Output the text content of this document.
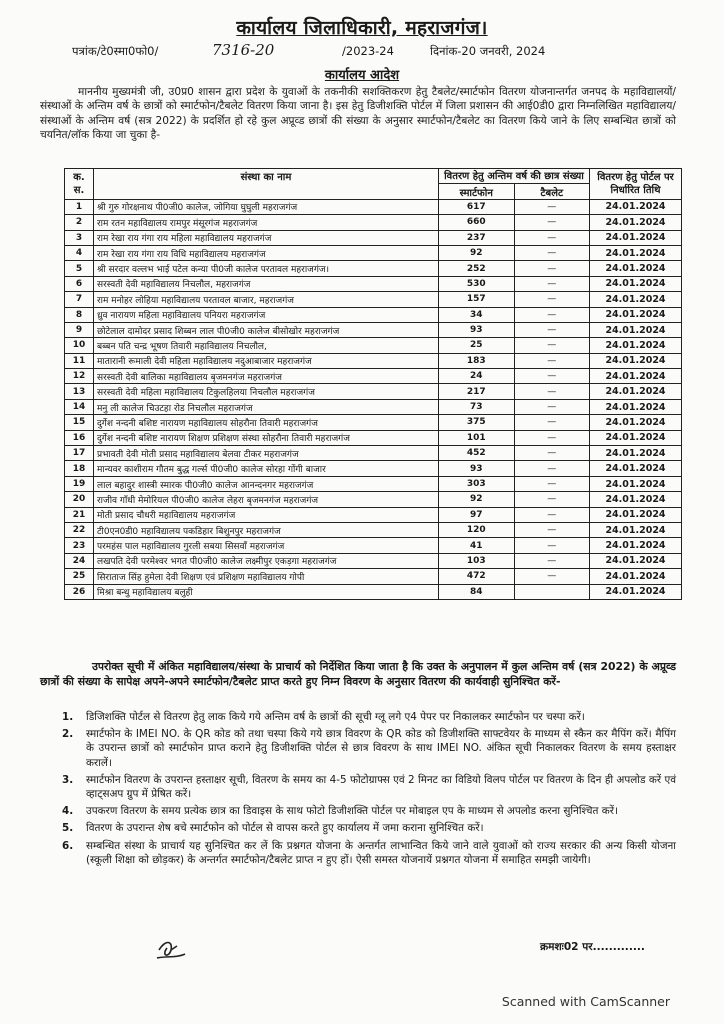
कार्यालय जिलाधिकारी, महराजगंज।
पत्रांक/टे0स्मा0फो0/	7316-20	/2023-24	दिनांक-20 जनवरी, 2024
कार्यालय आदेश
माननीय मुख्यमंत्री जी, उ0प्र0 शासन द्वारा प्रदेश के युवाओं के तकनीकी सशक्तिकरण हेतु टैबलेट/स्मार्टफोन वितरण योजनान्तर्गत जनपद के महाविद्यालयों/संस्थाओं के अन्तिम वर्ष के छात्रों को स्मार्टफोन/टैबलेट वितरण किया जाना है। इस हेतु डिजीशक्ति पोर्टल में जिला प्रशासन की आई0डी0 द्वारा निम्नलिखित महाविद्यालय/संस्थाओं के अन्तिम वर्ष (सत्र 2022) के प्रदर्शित हो रहे कुल अप्रूव्ड छात्रों की संख्या के अनुसार स्मार्टफोन/टैबलेट का वितरण किये जाने के लिए सम्बन्धित छात्रों को चयनित/लॉक किया जा चुका है-
क. स.	संस्था का नाम	वितरण हेतु अन्तिम वर्ष की छात्र संख्या		वितरण हेतु पोर्टल पर निर्धारित तिथि
		स्मार्टफोन	टैबलेट	
1	श्री गुरु गोरक्षनाथ पी0जी0 कालेज, जोगिया घुघुली महराजगंज	617	—	24.01.2024
2	राम रतन महाविद्यालय रामपुर मंसूरगंज महराजगंज	660	—	24.01.2024
3	राम रेखा राय गंगा राय महिला महाविद्यालय महराजगंज	237	—	24.01.2024
4	राम रेखा राय गंगा राय विधि महाविद्यालय महराजगंज	92	—	24.01.2024
5	श्री सरदार वल्लभ भाई पटेल कन्या पी0जी कालेज परतावल महराजगंज।	252	—	24.01.2024
6	सरस्वती देवी महाविद्यालय निचलौल, महराजगंज	530	—	24.01.2024
7	राम मनोहर लोहिया महाविद्यालय परतावल बाजार, महराजगंज	157	—	24.01.2024
8	ध्रुव नारायण महिला महाविद्यालय पनियरा महराजगंज	34	—	24.01.2024
9	छोटेलाल दामोदर प्रसाद शिब्बन लाल पी0जी0 कालेज बीसोखोर महराजगंज	93	—	24.01.2024
10	बब्बन पति चन्द्र भूषण तिवारी महाविद्यालय निचलौल,	25	—	24.01.2024
11	मातारानी रूमाली देवी महिला महाविद्यालय नदुआबाजार महराजगंज	183	—	24.01.2024
12	सरस्वती देवी बालिका महाविद्यालय बृजमनगंज महराजगंज	24	—	24.01.2024
13	सरस्वती देवी महिला महाविद्यालय टिकुलहिलया निचलौल महराजगंज	217	—	24.01.2024
14	मनु ली कालेज चिउटहा रोड निचलौल महराजगंज	73	—	24.01.2024
15	दुर्गेश नन्दनी बशिष्ट नारायण महाविद्यालय सोहरौना तिवारी महराजगंज	375	—	24.01.2024
16	दुर्गेश नन्दनी बशिष्ट नारायण शिक्षण प्रशिक्षण संस्था सोहरौना तिवारी महराजगंज	101	—	24.01.2024
17	प्रभावती देवी मोती प्रसाद महाविद्यालय बेलवा टीकर महराजगंज	452	—	24.01.2024
18	मान्यवर काशीराम गौतम बुद्ध गर्ल्स पी0जी0 कालेज सोरहा गोंगी बाजार	93	—	24.01.2024
19	लाल बहादुर शास्त्री स्मारक पी0जी0 कालेज आनन्दनगर महराजगंज	303	—	24.01.2024
20	राजीव गाँधी मेमोरियल पी0जी0 कालेज लेहरा बृजमनगंज महराजगंज	92	—	24.01.2024
21	मोती प्रसाद चौधरी महाविद्यालय महराजगंज	97	—	24.01.2024
22	टी0एन0डी0 महाविद्यालय पकडिहार बिशुनपुर महराजगंज	120	—	24.01.2024
23	परमहंस पाल महाविद्यालय गुरली सबया सिसवाँ महराजगंज	41	—	24.01.2024
24	लखपति देवी परमेश्वर भगत पी0जी0 कालेज लक्ष्मीपुर एकड़गा महराजगंज	103	—	24.01.2024
25	सिराताज सिंह हुमेला देवी शिक्षण एवं प्रशिक्षण महाविद्यालय गोपी	472	—	24.01.2024
26	मिश्रा बन्धु महाविद्यालय बलुही	84		24.01.2024
उपरोक्त सूची में अंकित महाविद्यालय/संस्था के प्राचार्य को निर्देशित किया जाता है कि उक्त के अनुपालन में कुल अन्तिम वर्ष (सत्र 2022) के अप्रूव्ड छात्रों की संख्या के सापेक्ष अपने-अपने स्मार्टफोन/टैबलेट प्राप्त करते हुए निम्न विवरण के अनुसार वितरण की कार्यवाही सुनिश्चित करें-
1. डिजिशक्ति पोर्टल से वितरण हेतु लाक किये गये अन्तिम वर्ष के छात्रों की सूची ग्लू लगे ए4 पेपर पर निकालकर स्मार्टफोन पर चस्पा करें।
2. स्मार्टफोन के IMEI NO. के QR कोड को तथा चस्पा किये गये छात्र विवरण के QR कोड को डिजीशक्ति साफ्टवेयर के माध्यम से स्कैन कर मैपिंग करें। मैपिंग के उपरान्त छात्रों को स्मार्टफोन प्राप्त कराने हेतु डिजीशक्ति पोर्टल से छात्र विवरण के साथ IMEI NO. अंकित सूची निकालकर वितरण के समय हस्ताक्षर करालें।
3. स्मार्टफोन वितरण के उपरान्त हस्ताक्षर सूची, वितरण के समय का 4-5 फोटोग्राफ्स एवं 2 मिनट का विडियो विलप पोर्टल पर वितरण के दिन ही अपलोड करें एवं व्हाट्सअप ग्रुप में प्रेषित करें।
4. उपकरण वितरण के समय प्रत्येक छात्र का डिवाइस के साथ फोटो डिजीशक्ति पोर्टल पर मोबाइल एप के माध्यम से अपलोड करना सुनिश्चित करें।
5. वितरण के उपरान्त शेष बचे स्मार्टफोन को पोर्टल से वापस करते हुए कार्यालय में जमा कराना सुनिश्चित करें।
6. सम्बन्धित संस्था के प्राचार्य यह सुनिश्चित कर लें कि प्रश्नगत योजना के अन्तर्गत लाभान्वित किये जाने वाले युवाओं को राज्य सरकार की अन्य किसी योजना (स्कूली शिक्षा को छोड़कर) के अन्तर्गत स्मार्टफोन/टैबलेट प्राप्त न हुए हों। ऐसी समस्त योजनायें प्रश्नगत योजना में समाहित समझी जायेगी।
क्रमशः02 पर.............
Scanned with CamScanner
